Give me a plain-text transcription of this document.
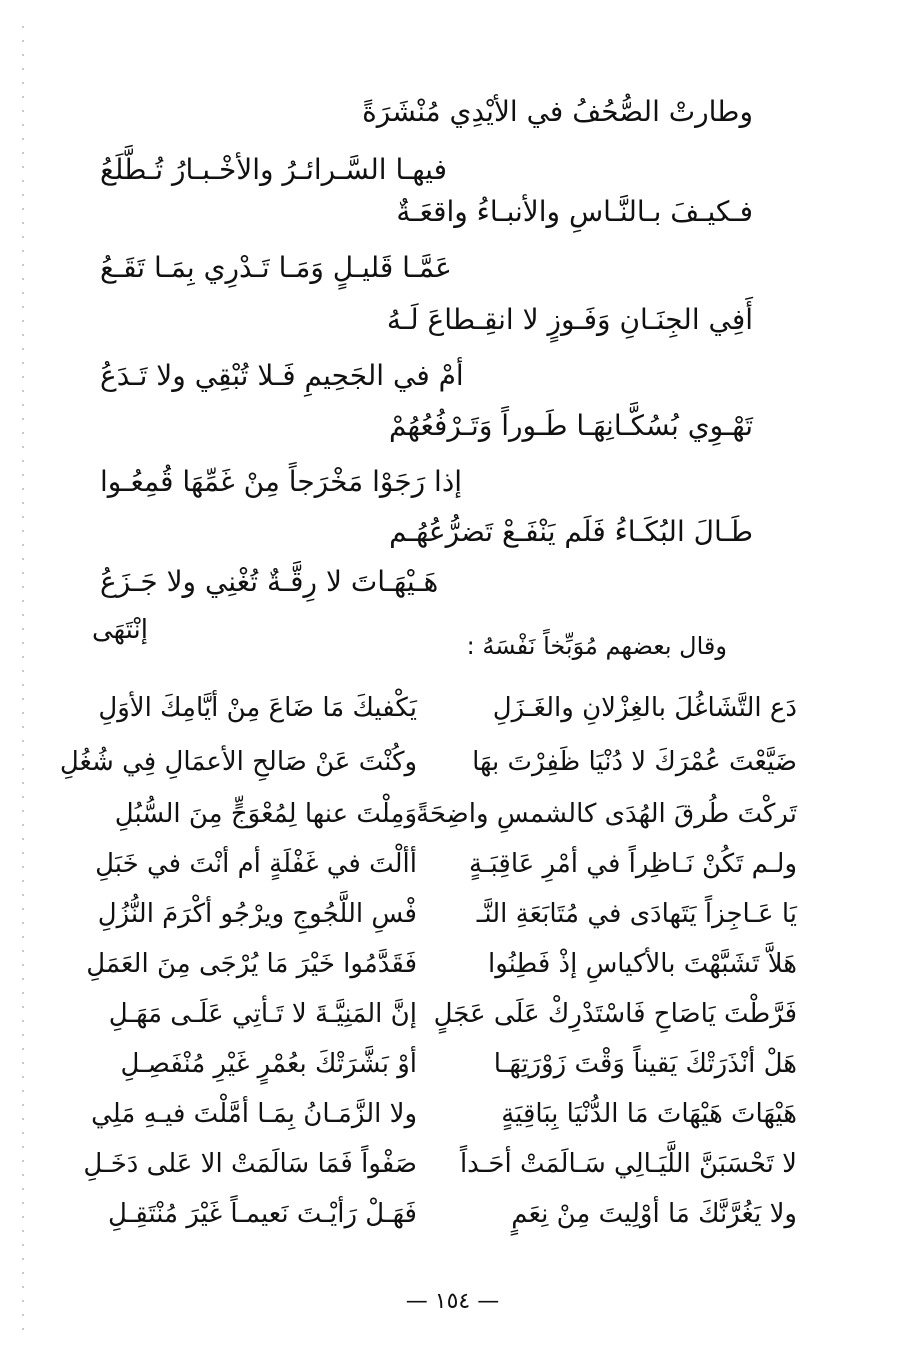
وطارتْ الصُّحُفُ في الأيْدِي مُنْشَرَةً
فيهـا السَّـرائـرُ والأخْـبـارُ تُـطَّلَعُ
فـكيـفَ بـالنَّـاسِ والأنبـاءُ واقعَـةٌ
عَمَّـا قَليـلٍ وَمَـا تَـدْرِي بِمَـا تَقَـعُ
أَفِي الجِنَـانِ وَفَـوزٍ لا انقِـطاعَ لَـهُ
أمْ في الجَحِيمِ فَـلا تُبْقِي ولا تَـدَعُ
تَهْـوِي بُسُكَّـانِهَـا طَـوراً وَتَـرْفُعُهُمْ
إذا رَجَوْا مَخْرَجاً مِنْ غَمِّهَا قُمِعُـوا
طَـالَ البُكَـاءُ فَلَم يَنْفَـعْ تَضرُّعُهُـم
هَـيْهَـاتَ لا رِقَّـةٌ تُغْنِي ولا جَـزَعُ
إنْتَهَى
وقال بعضهم مُوَبِّخاً نَفْسَهُ :
دَع التَّشَاغُلَ بالغِزْلانِ والغَـزَلِ
يَكْفيكَ مَا ضَاعَ مِنْ أيَّامِكَ الأوَلِ
ضَيَّعْتَ عُمْرَكَ لا دُنْيَا ظَفِرْتَ بهَا
وكُنْتَ عَنْ صَالحِ الأعمَالِ فِي شُغُلِ
تَركْتَ طُرقَ الهُدَى كالشمسِ واضِحَةً
وَمِلْتَ عنها لِمُعْوَجٍّ مِنَ السُّبُلِ
ولـم تَكُنْ نَـاظِراً في أمْرِ عَاقِبَـةٍ
أألْتَ في غَفْلَةٍ أم أنْتَ في خَبَلِ
يَا عَـاجِزاً يَتَهادَى في مُتَابَعَةِ النَّـ
فْسِ اللَّجُوجِ ويرْجُو أكْرَمَ النُّزُلِ
هَلاَّ تَشَبَّهْتَ بالأكياسِ إذْ فَطِنُوا
فَقَدَّمُوا خَيْرَ مَا يُرْجَى مِنَ العَمَلِ
فَرَّطْتَ يَاصَاحِ فَاسْتَدْرِكْ عَلَى عَجَلٍ
إنَّ المَنِيَّـةَ لا تَـأتِي عَلَـى مَهَـلِ
هَلْ أنْذَرَتْكَ يَقيناً وَقْتَ زَوْرَتِهَـا
أوْ بَشَّرَتْكَ بعُمْرٍ غَيْرِ مُنْفَصِـلِ
هَيْهَاتَ هَيْهَاتَ مَا الدُّنْيَا بِبَاقِيَةٍ
ولا الزَّمَـانُ بِمَـا أمَّلْتَ فيـهِ مَلِي
لا تَحْسَبَنَّ اللَّيَـالِي سَـالَمَتْ أحَـداً
صَفْواً فَمَا سَالَمَتْ الا عَلى دَخَـلِ
ولا يَغُرَّنَّكَ مَا أوْلِيتَ مِنْ نِعَمٍ
فَهَـلْ رَأيْـتَ نَعيمـاً غَيْرَ مُنْتَقِـلِ
— ١٥٤ —
